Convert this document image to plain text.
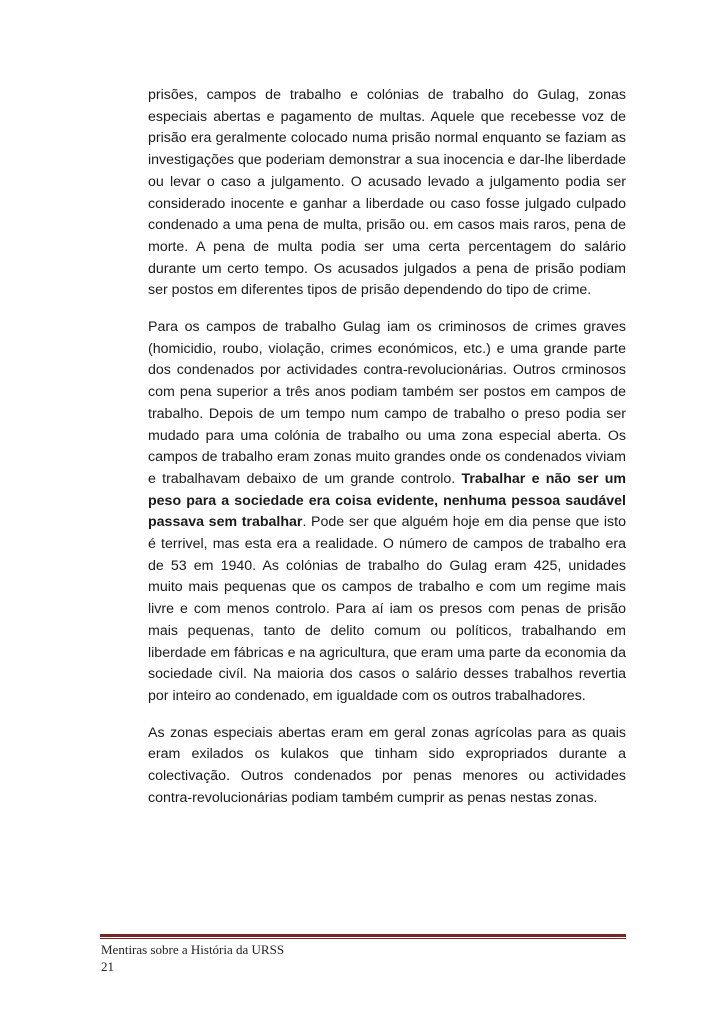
prisões, campos de trabalho e colónias de trabalho do Gulag, zonas especiais abertas e pagamento de multas. Aquele que recebesse voz de prisão era geralmente colocado numa prisão normal enquanto se faziam as investigações que poderiam demonstrar a sua inocencia e dar-lhe liberdade ou levar o caso a julgamento. O acusado levado a julgamento podia ser considerado inocente e ganhar a liberdade ou caso fosse julgado culpado condenado a uma pena de multa, prisão ou. em casos mais raros, pena de morte. A pena de multa podia ser uma certa percentagem do salário durante um certo tempo. Os acusados julgados a pena de prisão podiam ser postos em diferentes tipos de prisão dependendo do tipo de crime.

Para os campos de trabalho Gulag iam os criminosos de crimes graves (homicidio, roubo, violação, crimes económicos, etc.) e uma grande parte dos condenados por actividades contra-revolucionárias. Outros crminosos com pena superior a três anos podiam também ser postos em campos de trabalho. Depois de um tempo num campo de trabalho o preso podia ser mudado para uma colónia de trabalho ou uma zona especial aberta. Os campos de trabalho eram zonas muito grandes onde os condenados viviam e trabalhavam debaixo de um grande controlo. Trabalhar e não ser um peso para a sociedade era coisa evidente, nenhuma pessoa saudável passava sem trabalhar. Pode ser que alguém hoje em dia pense que isto é terrivel, mas esta era a realidade. O número de campos de trabalho era de 53 em 1940. As colónias de trabalho do Gulag eram 425, unidades muito mais pequenas que os campos de trabalho e com um regime mais livre e com menos controlo. Para aí iam os presos com penas de prisão mais pequenas, tanto de delito comum ou políticos, trabalhando em liberdade em fábricas e na agricultura, que eram uma parte da economia da sociedade civíl. Na maioria dos casos o salário desses trabalhos revertia por inteiro ao condenado, em igualdade com os outros trabalhadores.

As zonas especiais abertas eram em geral zonas agrícolas para as quais eram exilados os kulakos que tinham sido expropriados durante a colectivação. Outros condenados por penas menores ou actividades contra-revolucionárias podiam também cumprir as penas nestas zonas.

Mentiras sobre a História da URSS
21
